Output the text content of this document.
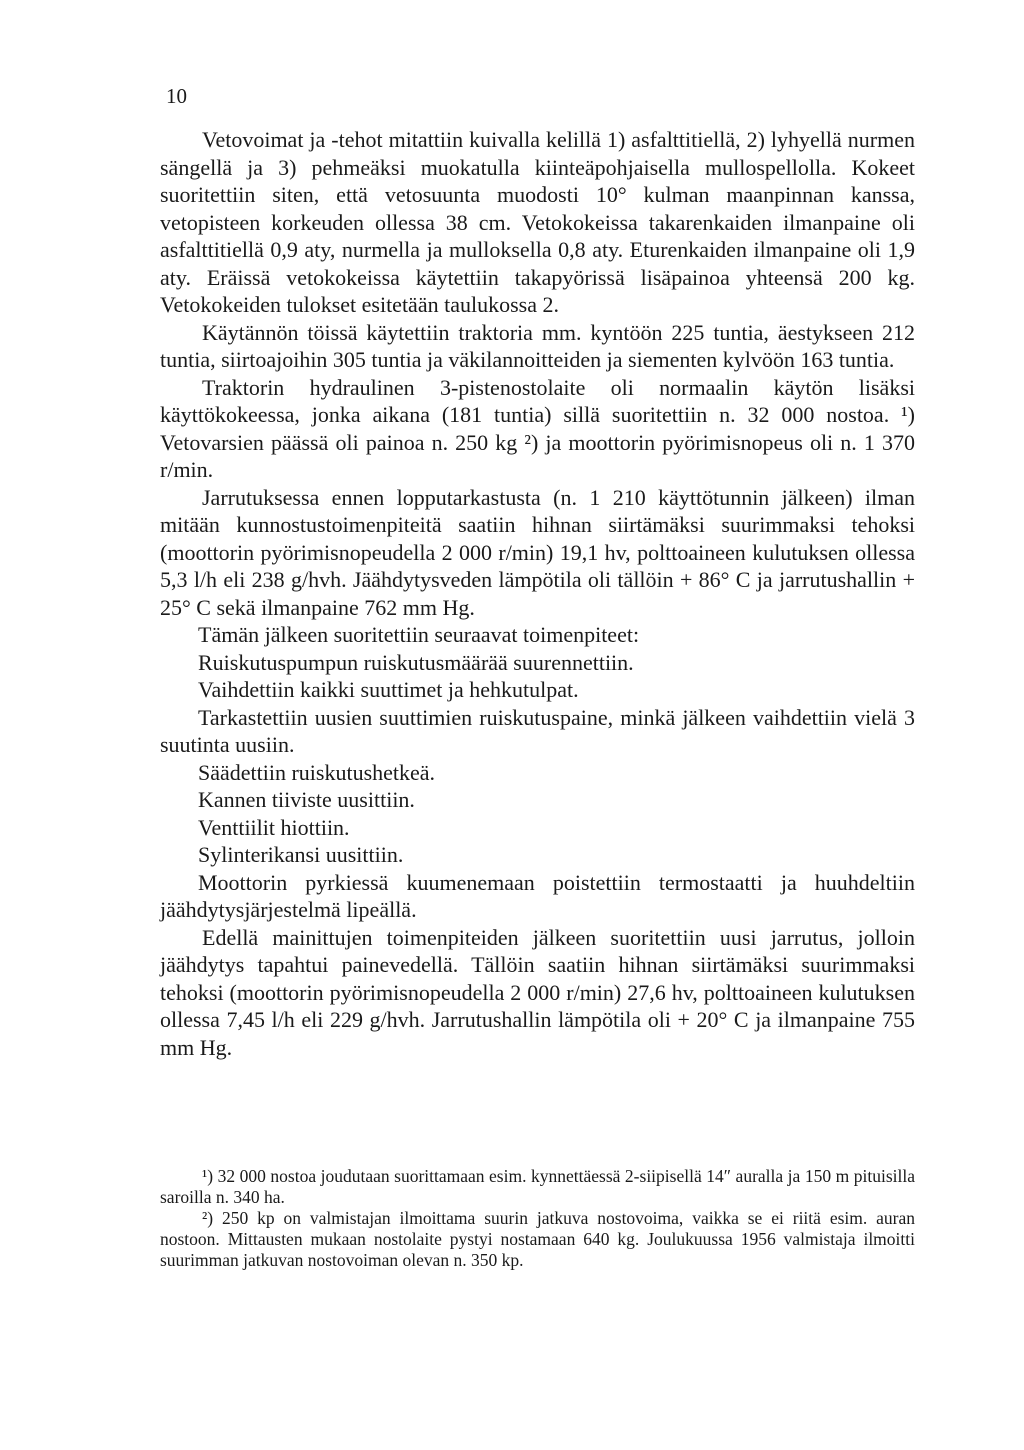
10

Vetovoimat ja -tehot mitattiin kuivalla kelillä 1) asfalttitiellä, 2) lyhyellä nurmen sängellä ja 3) pehmeäksi muokatulla kiinteäpohjaisella mullospellolla. Kokeet suoritettiin siten, että vetosuunta muodosti 10° kulman maanpinnan kanssa, vetopisteen korkeuden ollessa 38 cm. Vetokokeissa takarenkaiden ilmanpaine oli asfalttitiellä 0,9 aty, nurmella ja mulloksella 0,8 aty. Eturenkaiden ilmanpaine oli 1,9 aty. Eräissä vetokokeissa käytettiin takapyörissä lisäpainoa yhteensä 200 kg. Vetokokeiden tulokset esitetään taulukossa 2.

Käytännön töissä käytettiin traktoria mm. kyntöön 225 tuntia, äestykseen 212 tuntia, siirtoajoihin 305 tuntia ja väkilannoitteiden ja siementen kylvöön 163 tuntia.

Traktorin hydraulinen 3-pistenostolaite oli normaalin käytön lisäksi käyttökokeessa, jonka aikana (181 tuntia) sillä suoritettiin n. 32 000 nostoa. ¹) Vetovarsien päässä oli painoa n. 250 kg ²) ja moottorin pyörimisnopeus oli n. 1 370 r/min.

Jarrutuksessa ennen lopputarkastusta (n. 1 210 käyttötunnin jälkeen) ilman mitään kunnostustoimenpiteitä saatiin hihnan siirtämäksi suurimmaksi tehoksi (moottorin pyörimisnopeudella 2 000 r/min) 19,1 hv, polttoaineen kulutuksen ollessa 5,3 l/h eli 238 g/hvh. Jäähdytysveden lämpötila oli tällöin + 86° C ja jarrutushallin + 25° C sekä ilmanpaine 762 mm Hg.

Tämän jälkeen suoritettiin seuraavat toimenpiteet:

Ruiskutuspumpun ruiskutusmäärää suurennettiin.

Vaihdettiin kaikki suuttimet ja hehkutulpat.

Tarkastettiin uusien suuttimien ruiskutuspaine, minkä jälkeen vaihdettiin vielä 3 suutinta uusiin.

Säädettiin ruiskutushetkeä.

Kannen tiiviste uusittiin.

Venttiilit hiottiin.

Sylinterikansi uusittiin.

Moottorin pyrkiessä kuumenemaan poistettiin termostaatti ja huuhdeltiin jäähdytysjärjestelmä lipeällä.

Edellä mainittujen toimenpiteiden jälkeen suoritettiin uusi jarrutus, jolloin jäähdytys tapahtui painevedellä. Tällöin saatiin hihnan siirtämäksi suurimmaksi tehoksi (moottorin pyörimisnopeudella 2 000 r/min) 27,6 hv, polttoaineen kulutuksen ollessa 7,45 l/h eli 229 g/hvh. Jarrutushallin lämpötila oli + 20° C ja ilmanpaine 755 mm Hg.

¹) 32 000 nostoa joudutaan suorittamaan esim. kynnettäessä 2-siipisellä 14″ auralla ja 150 m pituisilla saroilla n. 340 ha.

²) 250 kp on valmistajan ilmoittama suurin jatkuva nostovoima, vaikka se ei riitä esim. auran nostoon. Mittausten mukaan nostolaite pystyi nostamaan 640 kg. Joulukuussa 1956 valmistaja ilmoitti suurimman jatkuvan nostovoiman olevan n. 350 kp.
